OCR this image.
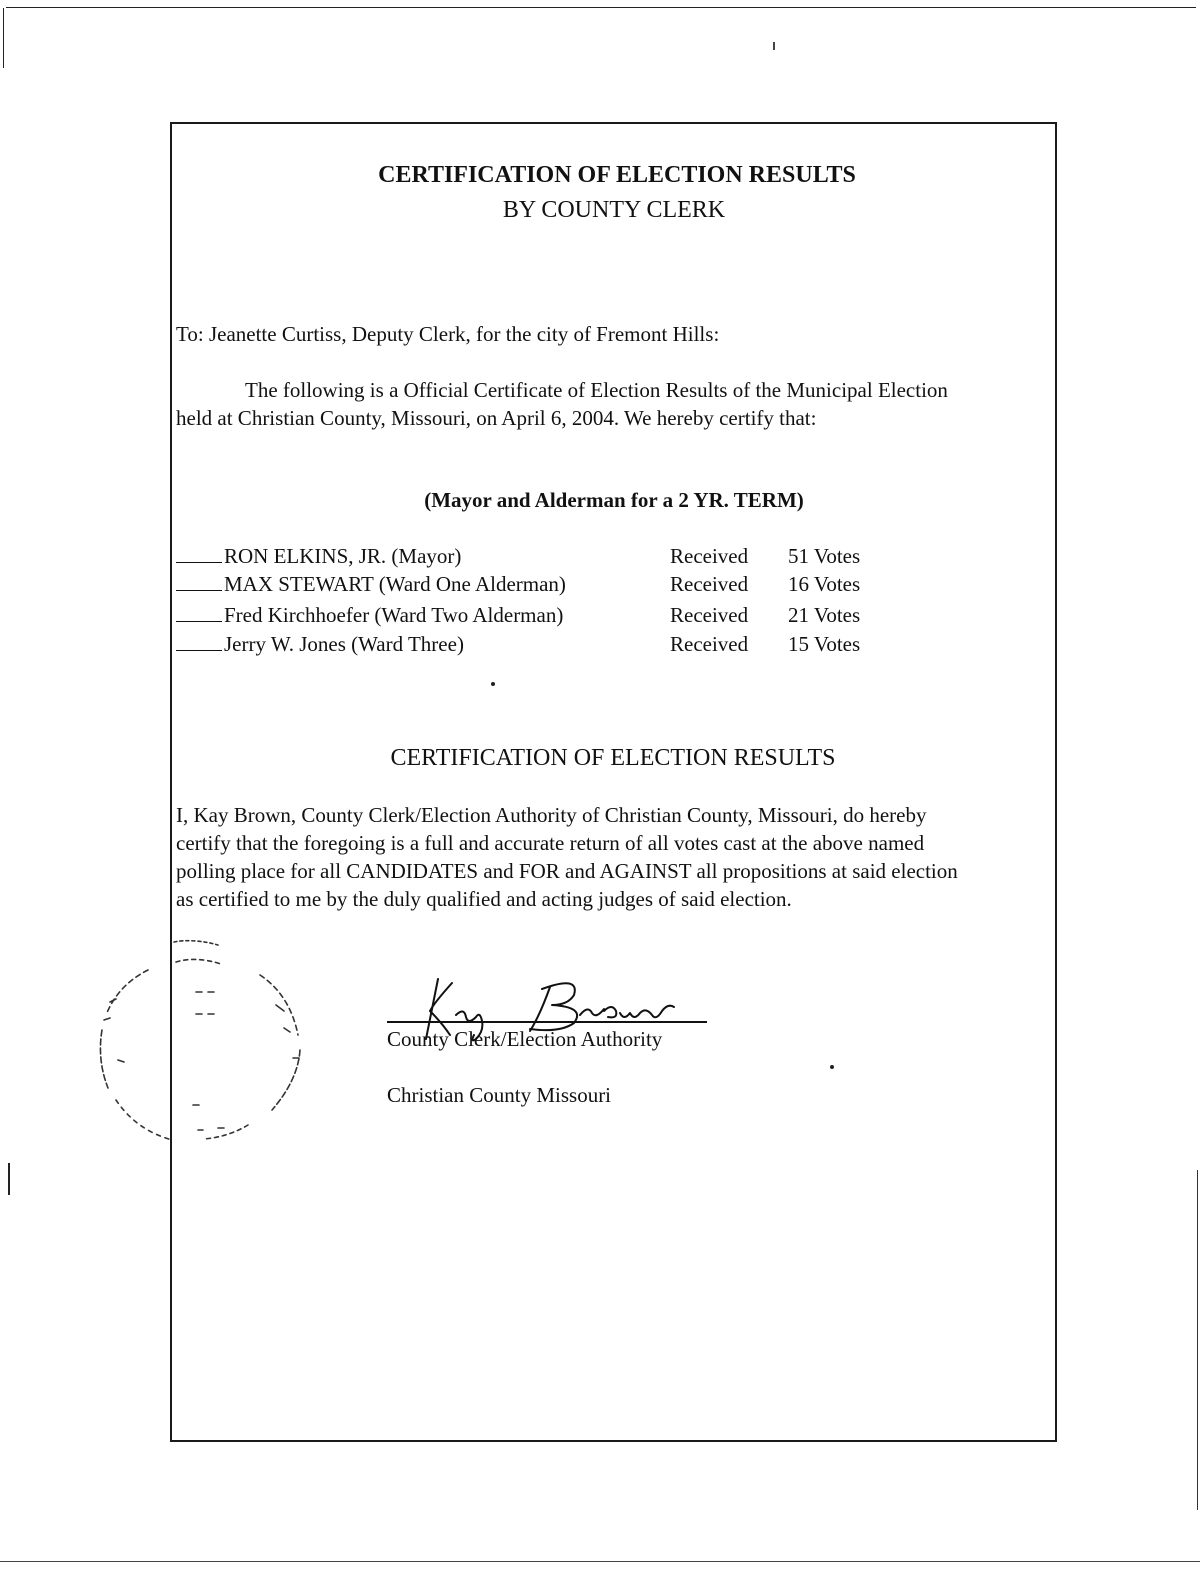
CERTIFICATION OF ELECTION RESULTS
BY COUNTY CLERK
To: Jeanette Curtiss, Deputy Clerk, for the city of Fremont Hills:
The following is a Official Certificate of Election Results of the Municipal Election
held at Christian County, Missouri, on April 6, 2004. We hereby certify that:
(Mayor and Alderman for a 2 YR. TERM)
RON ELKINS, JR. (Mayor)	Received 51 Votes
MAX STEWART (Ward One Alderman)	Received 16 Votes
Fred Kirchhoefer (Ward Two Alderman)	Received 21 Votes
Jerry W. Jones (Ward Three)	Received 15 Votes
CERTIFICATION OF ELECTION RESULTS
I, Kay Brown, County Clerk/Election Authority of Christian County, Missouri, do hereby
certify that the foregoing is a full and accurate return of all votes cast at the above named
polling place for all CANDIDATES and FOR and AGAINST all propositions at said election
as certified to me by the duly qualified and acting judges of said election.
County Clerk/Election Authority
Christian County Missouri
